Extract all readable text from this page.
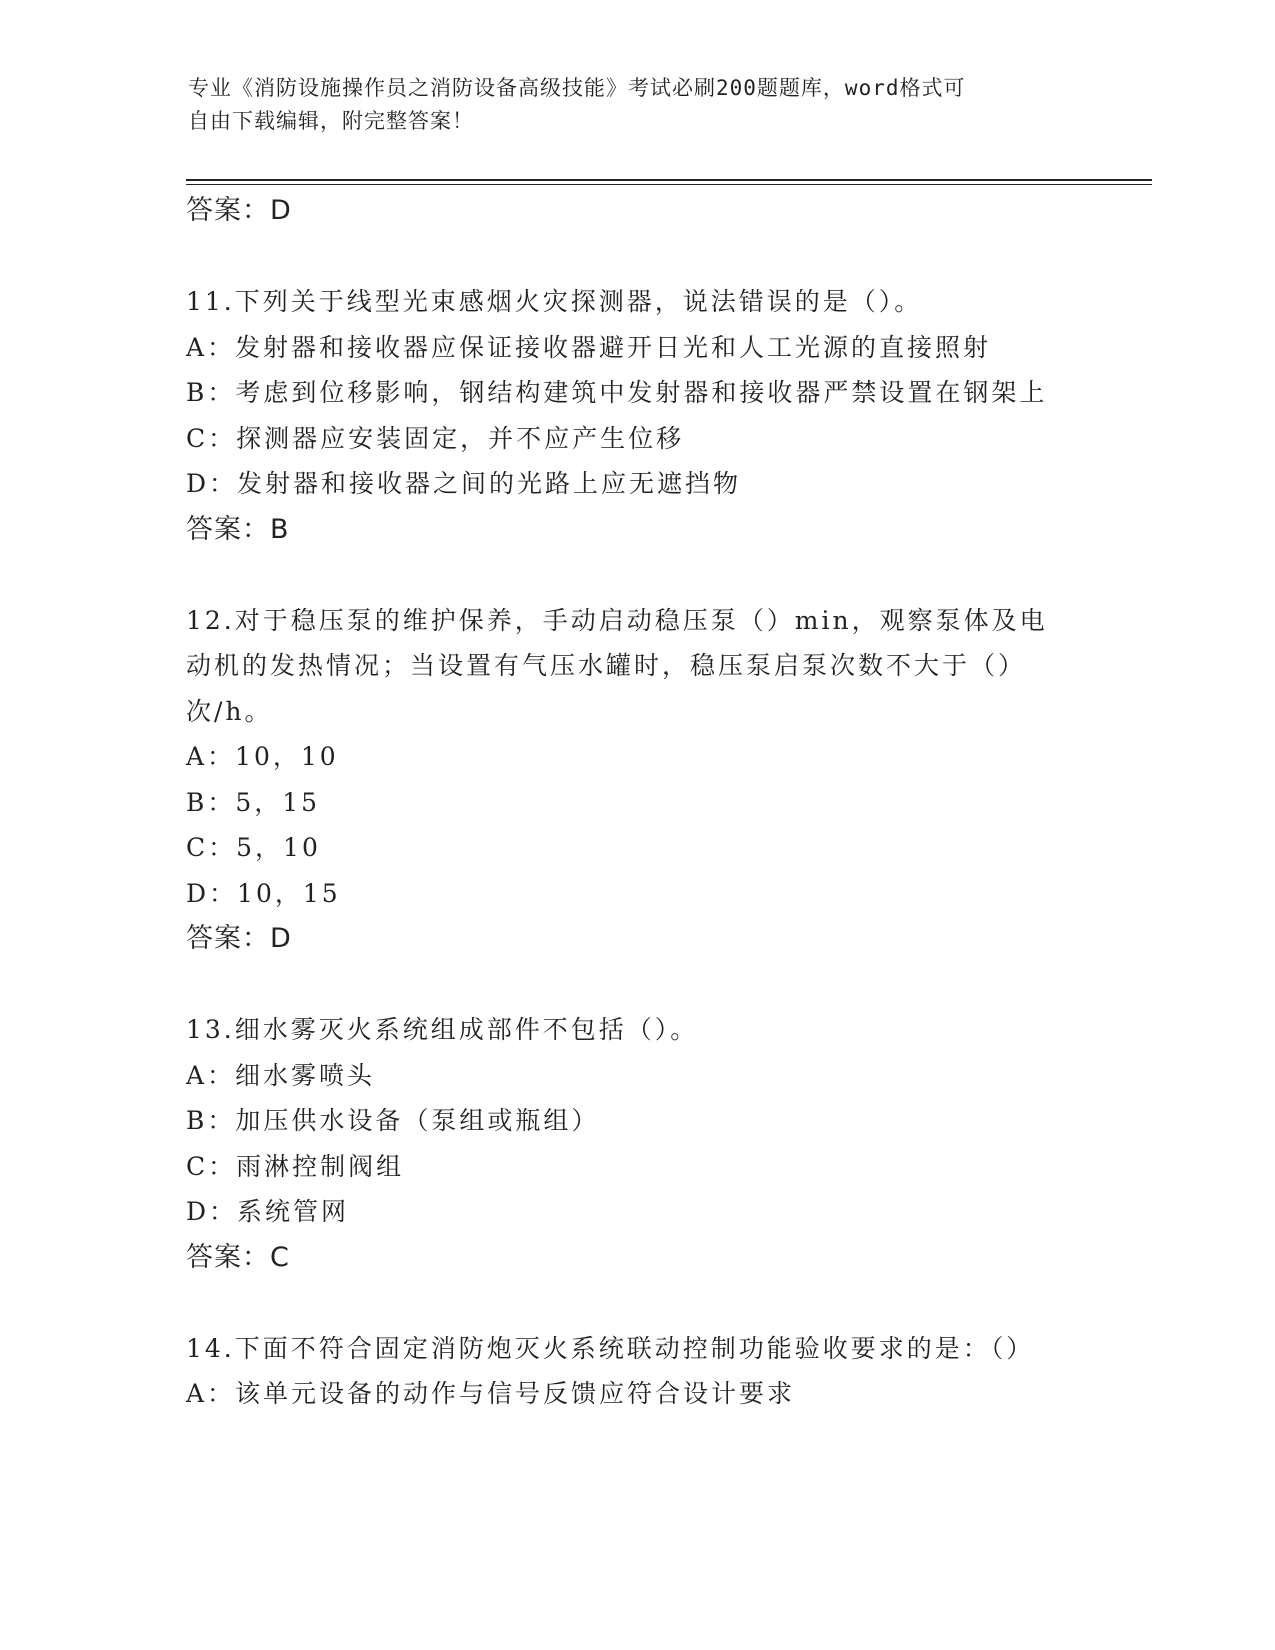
专业《消防设施操作员之消防设备高级技能》考试必刷200题题库，word格式可
自由下载编辑，附完整答案！
答案：D
11.下列关于线型光束感烟火灾探测器，说法错误的是（）。
A：发射器和接收器应保证接收器避开日光和人工光源的直接照射
B：考虑到位移影响，钢结构建筑中发射器和接收器严禁设置在钢架上
C：探测器应安装固定，并不应产生位移
D：发射器和接收器之间的光路上应无遮挡物
答案：B
12.对于稳压泵的维护保养，手动启动稳压泵（）min，观察泵体及电
动机的发热情况；当设置有气压水罐时，稳压泵启泵次数不大于（）
次/h。
A：10，10
B：5，15
C：5，10
D：10，15
答案：D
13.细水雾灭火系统组成部件不包括（）。
A：细水雾喷头
B：加压供水设备（泵组或瓶组）
C：雨淋控制阀组
D：系统管网
答案：C
14.下面不符合固定消防炮灭火系统联动控制功能验收要求的是：（）
A：该单元设备的动作与信号反馈应符合设计要求
